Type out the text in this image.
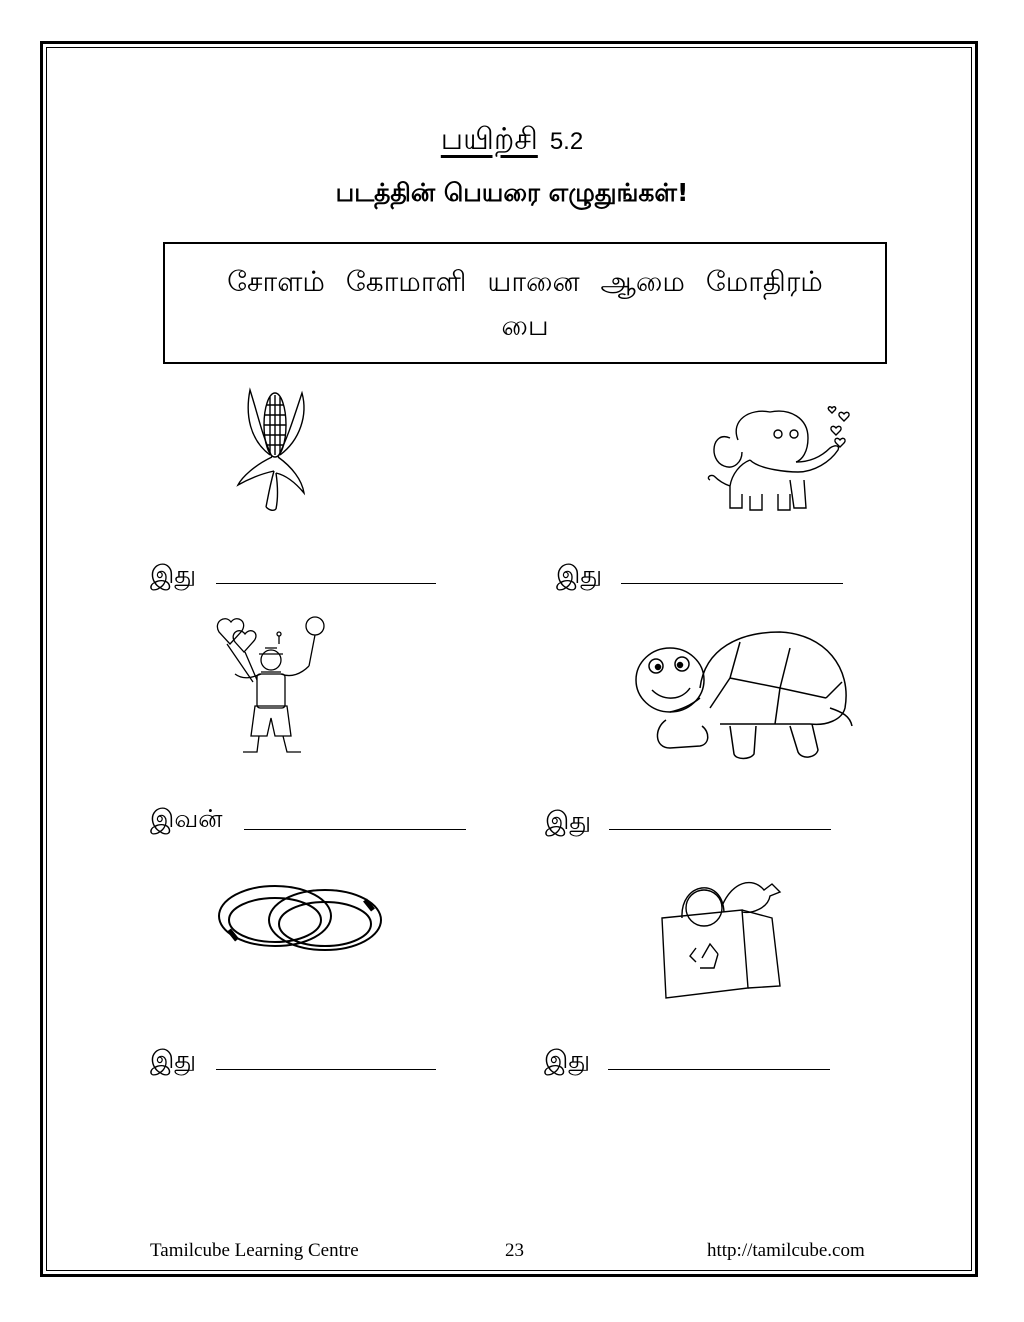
பயிற்சி 5.2
படத்தின் பெயரை எழுதுங்கள்!
சோளம் கோமாளி யானை ஆமை மோதிரம்
பை
இது	இது
இவன்	இது
இது	இது
Tamilcube Learning Centre	23	http://tamilcube.com
